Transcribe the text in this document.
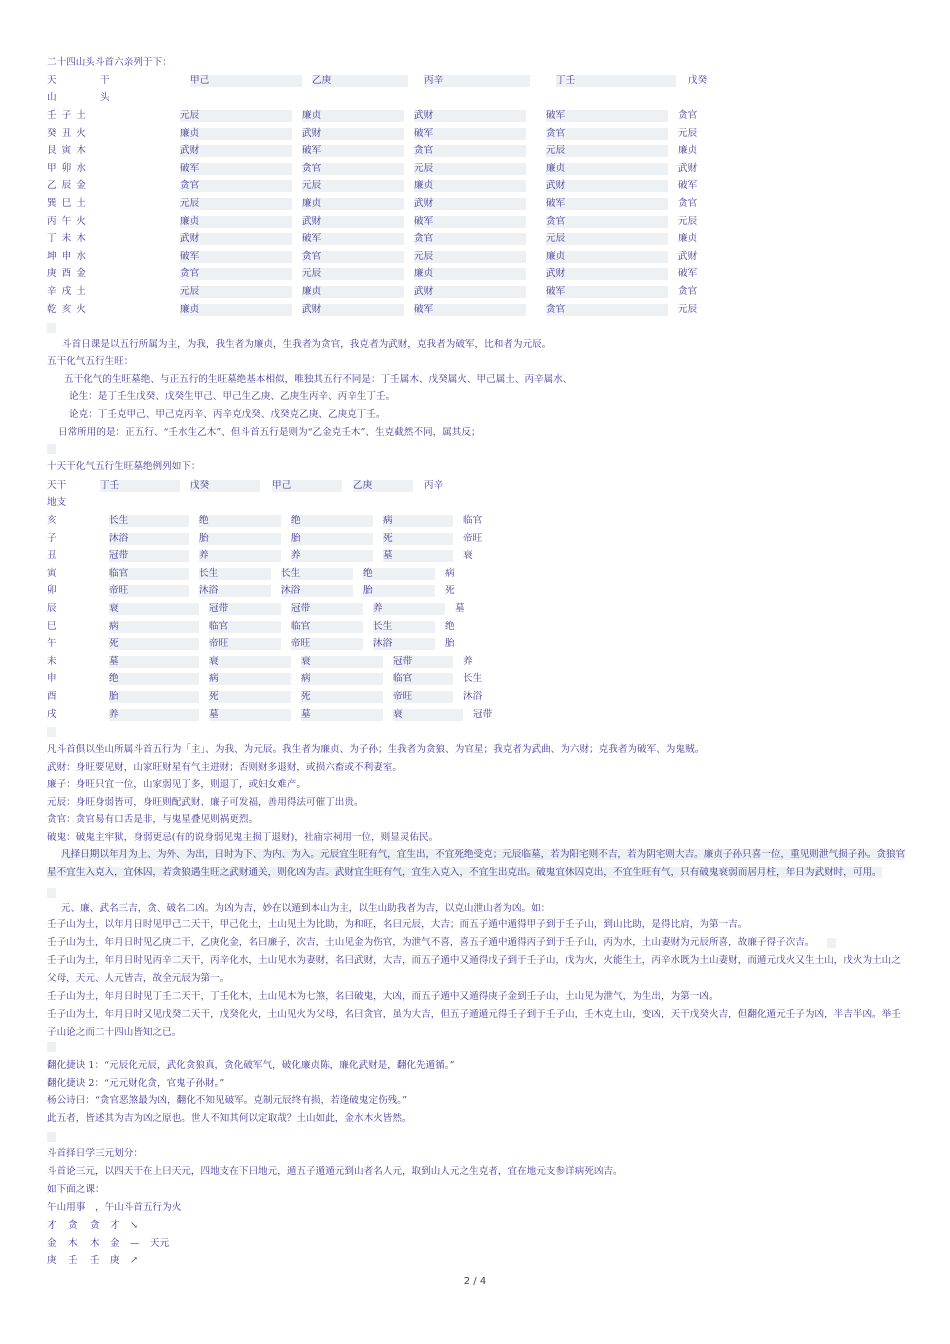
二十四山头斗首六亲列于下：
天	干	甲己	乙庚	丙辛	丁壬	戊癸
山	头
壬 子 土	元辰	廉贞	武财	破军	贪官
癸 丑 火	廉贞	武财	破军	贪官	元辰
艮 寅 木	武财	破军	贪官	元辰	廉贞
甲 卯 水	破军	贪官	元辰	廉贞	武财
乙 辰 金	贪官	元辰	廉贞	武财	破军
巽 巳 土	元辰	廉贞	武财	破军	贪官
丙 午 火	廉贞	武财	破军	贪官	元辰
丁 未 木	武财	破军	贪官	元辰	廉贞
坤 申 水	破军	贪官	元辰	廉贞	武财
庚 酉 金	贪官	元辰	廉贞	武财	破军
辛 戌 土	元辰	廉贞	武财	破军	贪官
乾 亥 火	廉贞	武财	破军	贪官	元辰
斗首日课是以五行所属为主，为我，我生者为廉贞，生我者为贪官，我克者为武财，克我者为破军，比和者为元辰。
五干化气五行生旺：
五干化气的生旺墓绝、与正五行的生旺墓绝基本相似，唯独其五行不同是：丁壬属木、戊癸属火、甲己属土、丙辛属水、
论生：是丁壬生戊癸、戊癸生甲己、甲己生乙庚、乙庚生丙辛、丙辛生丁壬。
论克：丁壬克甲己、甲己克丙辛、丙辛克戊癸、戊癸克乙庚、乙庚克丁壬。
日常所用的是：正五行、“壬水生乙木”、但斗首五行是则为“乙金克壬木”、生克截然不同，属其反；
十天干化气五行生旺墓绝例列如下：
天干	丁壬	戊癸	甲己	乙庚	丙辛
地支
亥	长生	绝	绝	病	临官
子	沐浴	胎	胎	死	帝旺
丑	冠带	养	养	墓	衰
寅	临官	长生	长生	绝	病
卯	帝旺	沐浴	沐浴	胎	死
辰	衰	冠带	冠带	养	墓
巳	病	临官	临官	长生	绝
午	死	帝旺	帝旺	沐浴	胎
未	墓	衰	衰	冠带	养
申	绝	病	病	临官	长生
酉	胎	死	死	帝旺	沐浴
戌	养	墓	墓	衰	冠带
凡斗首俱以坐山所属斗首五行为「主」、为我、为元辰。我生者为廉贞、为子孙；生我者为贪狼、为官星；我克者为武曲、为六财；克我者为破军、为鬼贼。
武财：身旺要见财，山家旺财星有气主进财；否则财多退财，或损六畜或不利妻室。
廉子：身旺只宜一位，山家弱见丁多，则退丁，或妇女难产。
元辰：身旺身弱皆可，身旺则配武财、廉子可发福，善用得法可催丁出贵。
贪官：贪官易有口舌是非，与鬼星叠见则祸更烈。
破鬼：破鬼主牢狱，身弱更忌(有的说身弱见鬼主损丁退财)，社庙宗祠用一位，则显灵佑民。
凡择日期以年月为上、为外、为出，日时为下、为内、为入。元辰宜生旺有气，宜生出，不宜死绝受克；元辰临墓，若为阳宅则不吉，若为阴宅则大吉。廉贞子孙只喜一位，重见则泄气损子孙。贪狼官星不宜生入克入，宜休囚，若贪狼遇生旺之武财通关，则化凶为吉。武财宜生旺有气，宜生入克入，不宜生出克出。破鬼宜休囚克出，不宜生旺有气，只有破鬼衰弱而居月柱，年日为武财时，可用。
元、廉、武名三吉，贪、破名二凶。为凶为吉，妙在以遁到本山为主，以生山助我者为吉，以克山泄山者为凶。如：
壬子山为土，以年月日时见甲己二天干，甲己化土，土山见土为比助，为和旺，名曰元辰，大吉；而五子遁中遁得甲子到于壬子山，到山比助，是得比肩，为第一吉。
壬子山为土，年月日时见乙庚二干，乙庚化金，名曰廉子，次吉，土山见金为伤官，为泄气不喜，喜五子遁中遁得丙子到于壬子山，丙为水，土山妻财为元辰所喜，故廉子得子次吉。
壬子山为土，年月日时见丙辛二天干，丙辛化水，土山见水为妻财，名曰武财，大吉，而五子遁中又遁得戊子到于壬子山，戊为火，火能生土，丙辛水既为土山妻财，而遁元戊火又生土山，戊火为土山之父母，天元、人元皆吉，故全元辰为第一。
壬子山为土，年月日时见丁壬二天干，丁壬化木，土山见木为七煞，名曰破鬼，大凶，而五子遁中又遁得庚子金到壬子山，土山见为泄气，为生出，为第一凶。
壬子山为土，年月日时又见戊癸二天干，戊癸化火，土山见火为父母，名曰贪官，虽为大吉，但五子遁遁元得壬子到于壬子山，壬木克土山，变凶，天干戊癸火吉，但翻化遁元壬子为凶，半吉半凶。举壬子山论之而二十四山皆知之已。
翻化捷诀 1：“元辰化元辰，武化贪狼真，贪化破军气，破化廉贞陈，廉化武财是，翻化先遁循。”
翻化捷诀 2：“元元财化贪，官鬼子孙財。”
杨公诗曰：“贪官恶煞最为凶，翻化不知见破军。克制元辰终有损，若逢破鬼定伤残。”
此五者，皆述其为吉为凶之原也。世人不知其何以定取哉？土山如此，金水木火皆然。
斗首择日学三元划分：
斗首论三元，以四天干在上曰天元，四地支在下曰地元，遁五子遁遁元到山者名人元，取到山人元之生克者，宜在地元支参详病死凶吉。
如下面之课：
午山用事　，午山斗首五行为火
才 贪 贪 才 ↘
金 木 木 金 — 天元
庚 壬 壬 庚 ↗
2 / 4
